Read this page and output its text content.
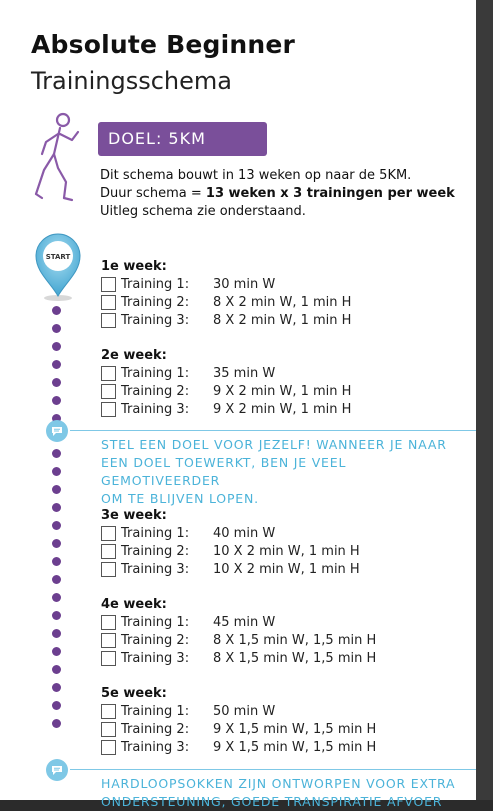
Absolute Beginner
Trainingsschema
DOEL: 5KM
Dit schema bouwt in 13 weken op naar de 5KM.
Duur schema = 13 weken x 3 trainingen per week
Uitleg schema zie onderstaand.
START
1e week:
Training 1: 30 min W
Training 2: 8 X 2 min W, 1 min H
Training 3: 8 X 2 min W, 1 min H
2e week:
Training 1: 35 min W
Training 2: 9 X 2 min W, 1 min H
Training 3: 9 X 2 min W, 1 min H
STEL EEN DOEL VOOR JEZELF! WANNEER JE NAAR
EEN DOEL TOEWERKT, BEN JE VEEL GEMOTIVEERDER
OM TE BLIJVEN LOPEN.
3e week:
Training 1: 40 min W
Training 2: 10 X 2 min W, 1 min H
Training 3: 10 X 2 min W, 1 min H
4e week:
Training 1: 45 min W
Training 2: 8 X 1,5 min W, 1,5 min H
Training 3: 8 X 1,5 min W, 1,5 min H
5e week:
Training 1: 50 min W
Training 2: 9 X 1,5 min W, 1,5 min H
Training 3: 9 X 1,5 min W, 1,5 min H
HARDLOOPSOKKEN ZIJN ONTWORPEN VOOR EXTRA
ONDERSTEUNING, GOEDE TRANSPIRATIE AFVOER
